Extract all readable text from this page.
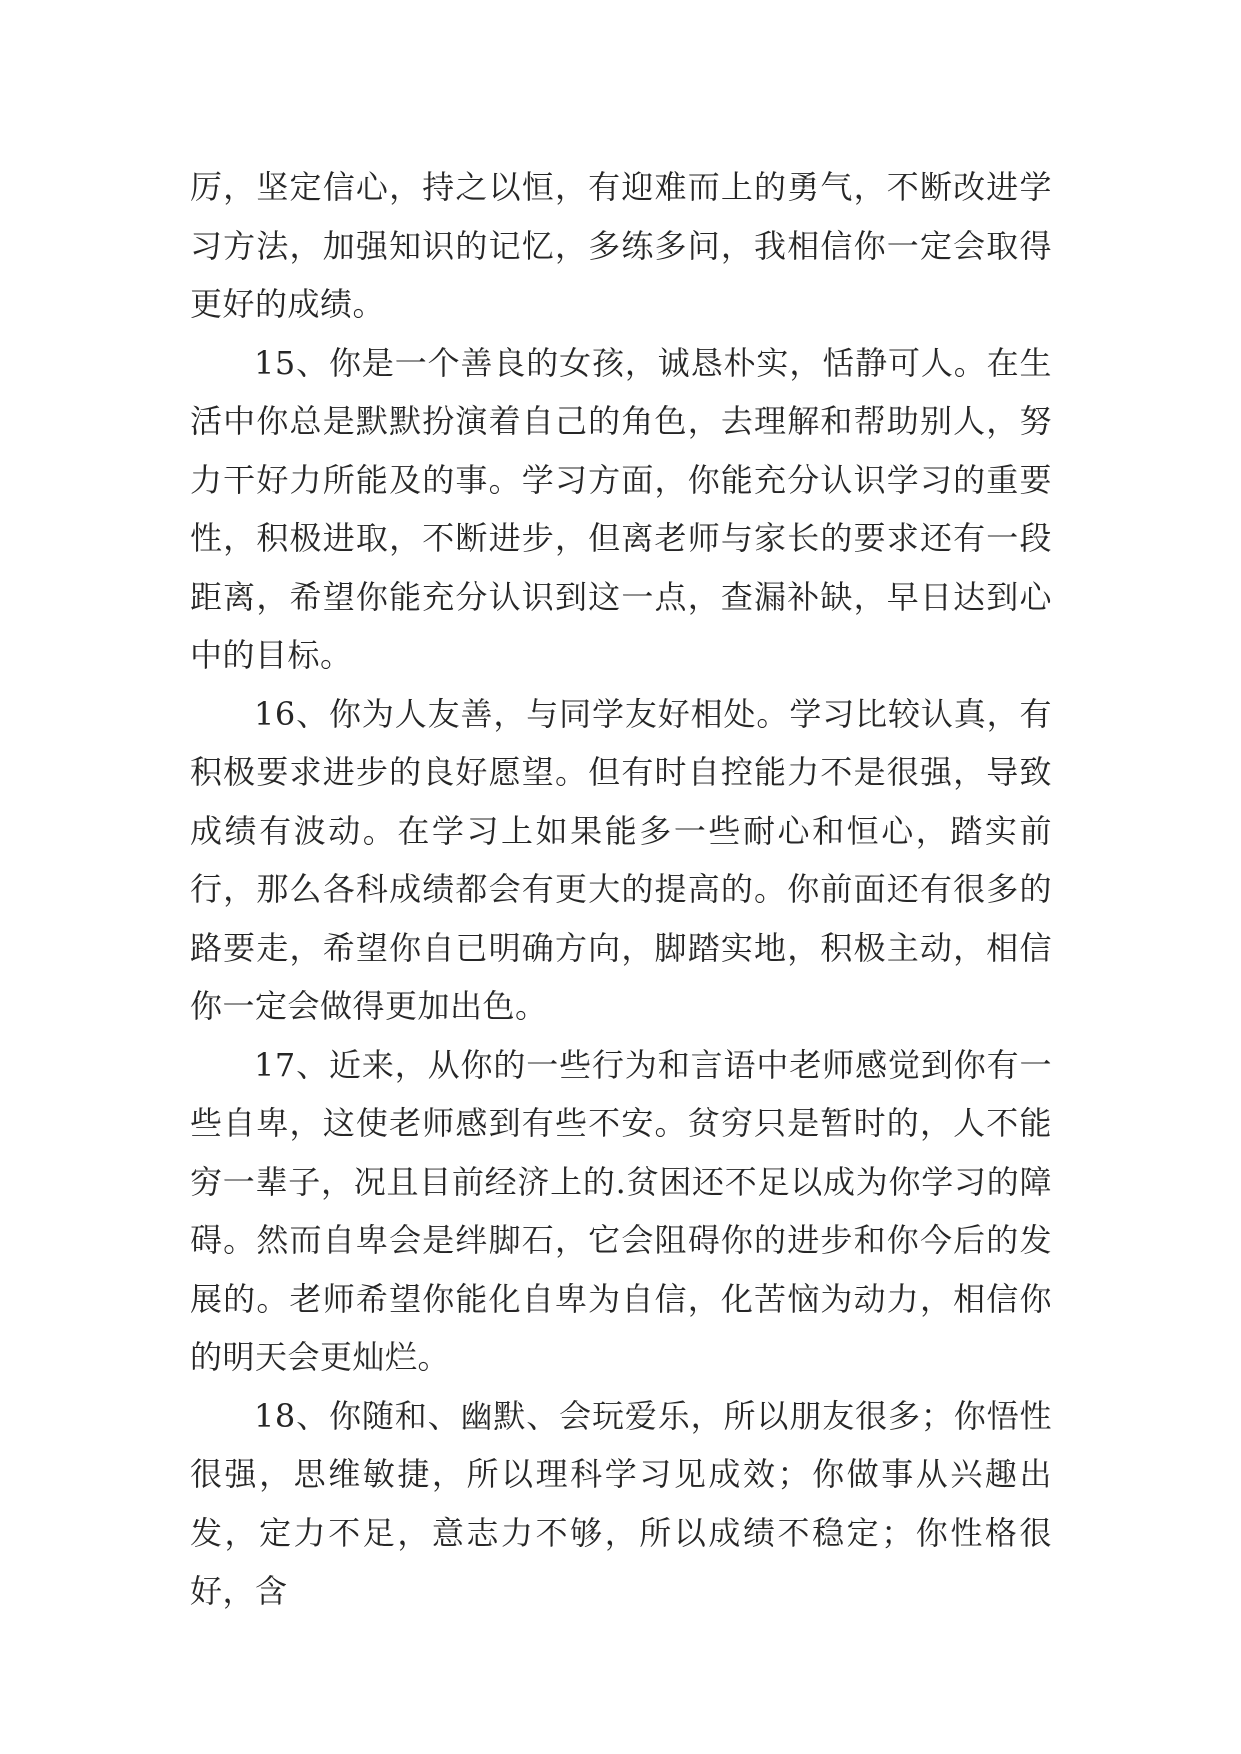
厉，坚定信心，持之以恒，有迎难而上的勇气，不断改进学习方法，加强知识的记忆，多练多问，我相信你一定会取得更好的成绩。

15、你是一个善良的女孩，诚恳朴实，恬静可人。在生活中你总是默默扮演着自己的角色，去理解和帮助别人，努力干好力所能及的事。学习方面，你能充分认识学习的重要性，积极进取，不断进步，但离老师与家长的要求还有一段距离，希望你能充分认识到这一点，查漏补缺，早日达到心中的目标。

16、你为人友善，与同学友好相处。学习比较认真，有积极要求进步的良好愿望。但有时自控能力不是很强，导致成绩有波动。在学习上如果能多一些耐心和恒心，踏实前行，那么各科成绩都会有更大的提高的。你前面还有很多的路要走，希望你自已明确方向，脚踏实地，积极主动，相信你一定会做得更加出色。

17、近来，从你的一些行为和言语中老师感觉到你有一些自卑，这使老师感到有些不安。贫穷只是暂时的，人不能穷一辈子，况且目前经济上的.贫困还不足以成为你学习的障碍。然而自卑会是绊脚石，它会阻碍你的进步和你今后的发展的。老师希望你能化自卑为自信，化苦恼为动力，相信你的明天会更灿烂。

18、你随和、幽默、会玩爱乐，所以朋友很多；你悟性很强，思维敏捷，所以理科学习见成效；你做事从兴趣出发，定力不足，意志力不够，所以成绩不稳定；你性格很好，含
